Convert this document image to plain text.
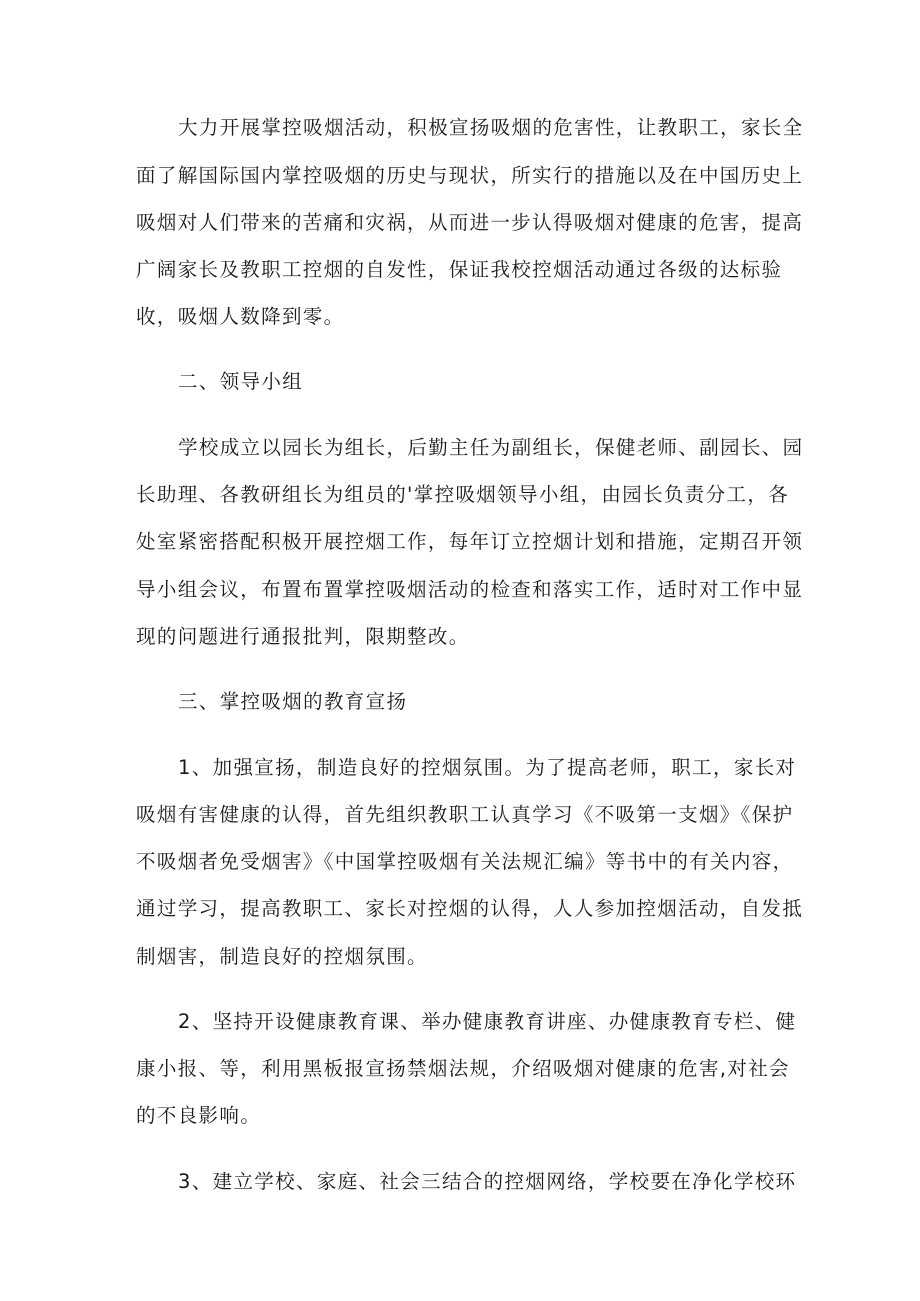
大力开展掌控吸烟活动，积极宣扬吸烟的危害性，让教职工，家长全
面了解国际国内掌控吸烟的历史与现状，所实行的措施以及在中国历史上
吸烟对人们带来的苦痛和灾祸，从而进一步认得吸烟对健康的危害，提高
广阔家长及教职工控烟的自发性，保证我校控烟活动通过各级的达标验
收，吸烟人数降到零。
二、领导小组
学校成立以园长为组长，后勤主任为副组长，保健老师、副园长、园
长助理、各教研组长为组员的'掌控吸烟领导小组，由园长负责分工，各
处室紧密搭配积极开展控烟工作，每年订立控烟计划和措施，定期召开领
导小组会议，布置布置掌控吸烟活动的检查和落实工作，适时对工作中显
现的问题进行通报批判，限期整改。
三、掌控吸烟的教育宣扬
1、加强宣扬，制造良好的控烟氛围。为了提高老师，职工，家长对
吸烟有害健康的认得，首先组织教职工认真学习《不吸第一支烟》《保护
不吸烟者免受烟害》《中国掌控吸烟有关法规汇编》等书中的有关内容，
通过学习，提高教职工、家长对控烟的认得，人人参加控烟活动，自发抵
制烟害，制造良好的控烟氛围。
2、坚持开设健康教育课、举办健康教育讲座、办健康教育专栏、健
康小报、等，利用黑板报宣扬禁烟法规，介绍吸烟对健康的危害,对社会
的不良影响。
3、建立学校、家庭、社会三结合的控烟网络，学校要在净化学校环
